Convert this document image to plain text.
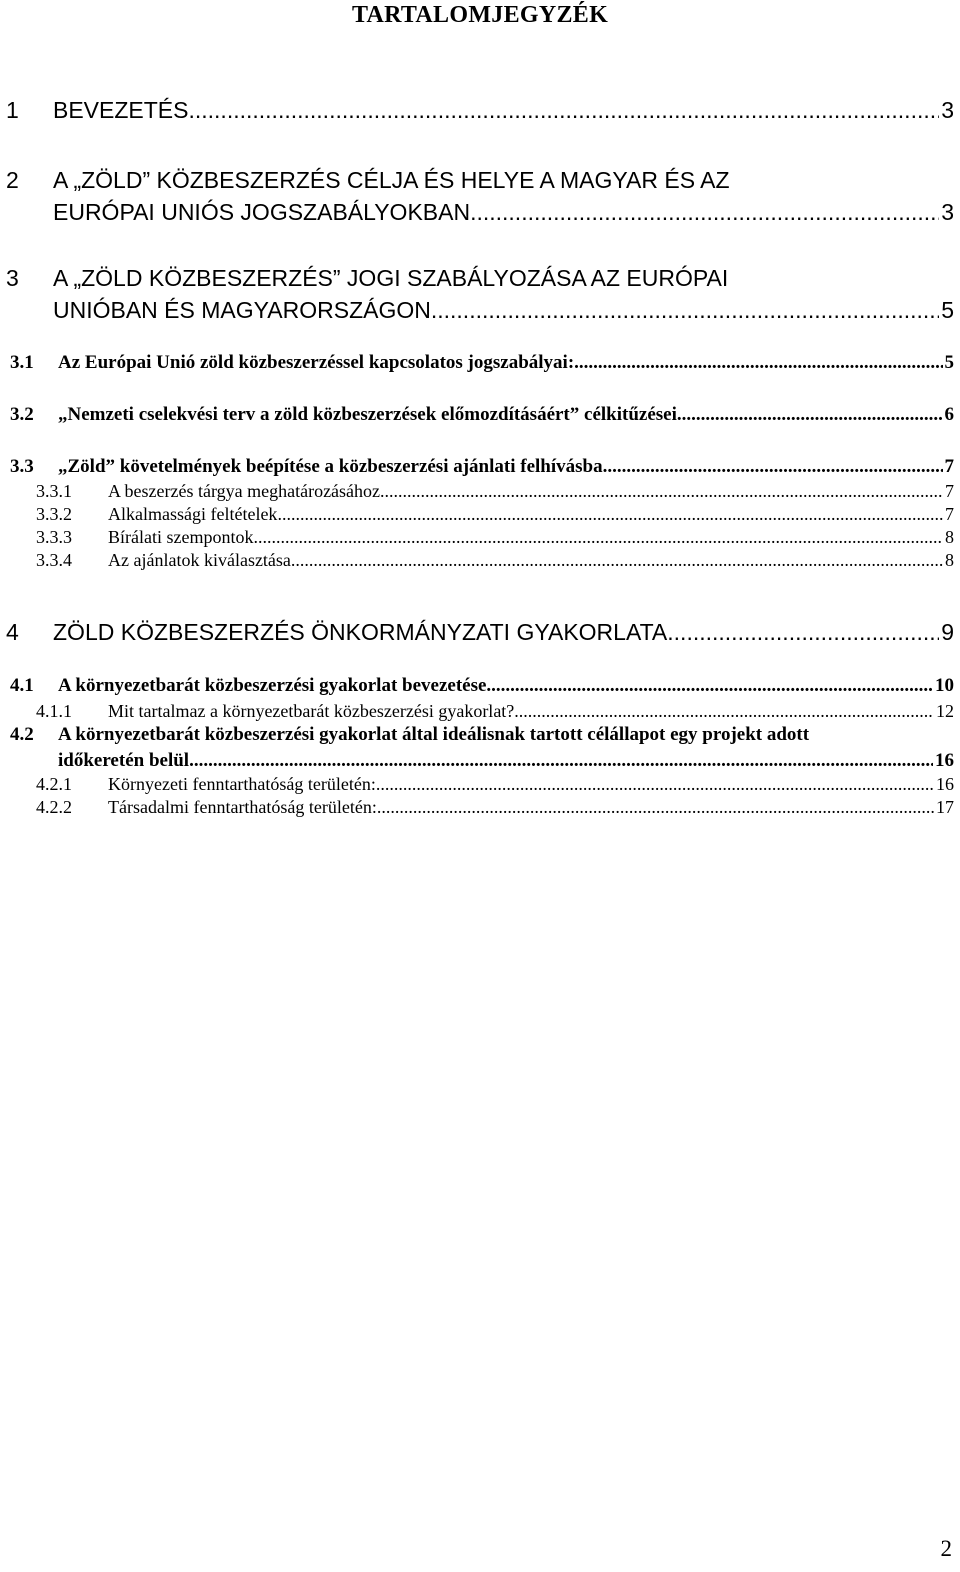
TARTALOMJEGYZÉK
1	BEVEZETÉS .....	3
2	A „ZÖLD” KÖZBESZERZÉS CÉLJA ÉS HELYE A MAGYAR ÉS AZ
EURÓPAI UNIÓS JOGSZABÁLYOKBAN .....	3
3	A „ZÖLD KÖZBESZERZÉS” JOGI SZABÁLYOZÁSA AZ EURÓPAI
UNIÓBAN ÉS MAGYARORSZÁGON .....	5
3.1	Az Európai Unió zöld közbeszerzéssel kapcsolatos jogszabályai: .....	5
3.2	„Nemzeti cselekvési terv a zöld közbeszerzések előmozdításáért” célkitűzései .....	6
3.3	„Zöld” követelmények beépítése a közbeszerzési ajánlati felhívásba .....	7
3.3.1	A beszerzés tárgya meghatározásához .....	7
3.3.2	Alkalmassági feltételek .....	7
3.3.3	Bírálati szempontok .....	8
3.3.4	Az ajánlatok kiválasztása .....	8
4	ZÖLD KÖZBESZERZÉS ÖNKORMÁNYZATI GYAKORLATA .....	9
4.1	A környezetbarát közbeszerzési gyakorlat bevezetése .....	10
4.1.1	Mit tartalmaz a környezetbarát közbeszerzési gyakorlat? .....	12
4.2	A környezetbarát közbeszerzési gyakorlat által ideálisnak tartott célállapot egy projekt adott
időkeretén belül .....	16
4.2.1	Környezeti fenntarthatóság területén: .....	16
4.2.2	Társadalmi fenntarthatóság területén: .....	17
2
